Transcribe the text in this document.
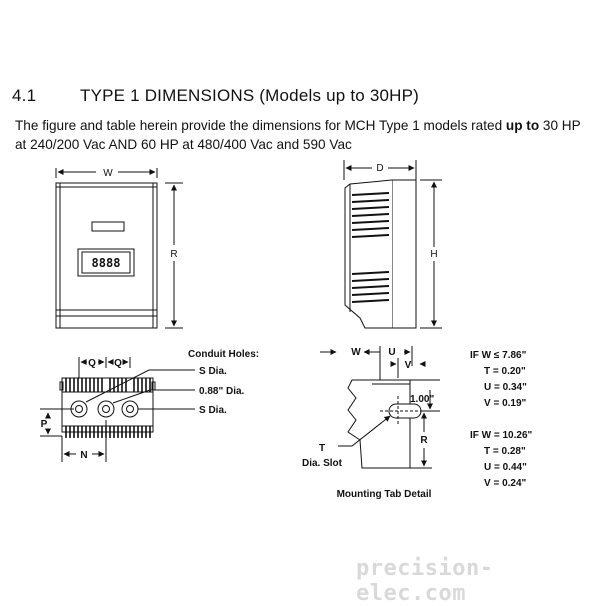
4.1	TYPE 1 DIMENSIONS (Models up to 30HP)
The figure and table herein provide the dimensions for MCH Type 1 models rated up to 30 HP at 240/200 Vac AND 60 HP at 480/400 Vac and 590 Vac
W
8888
R
D
H
Conduit Holes:
Q Q
S Dia.
0.88" Dia.
S Dia.
P
N
W	U
V
1.00"
R
T
Dia. Slot
Mounting Tab Detail
IF W ≤ 7.86"
T = 0.20"
U = 0.34"
V = 0.19"
IF W = 10.26"
T = 0.28"
U = 0.44"
V = 0.24"
precision-elec.com
